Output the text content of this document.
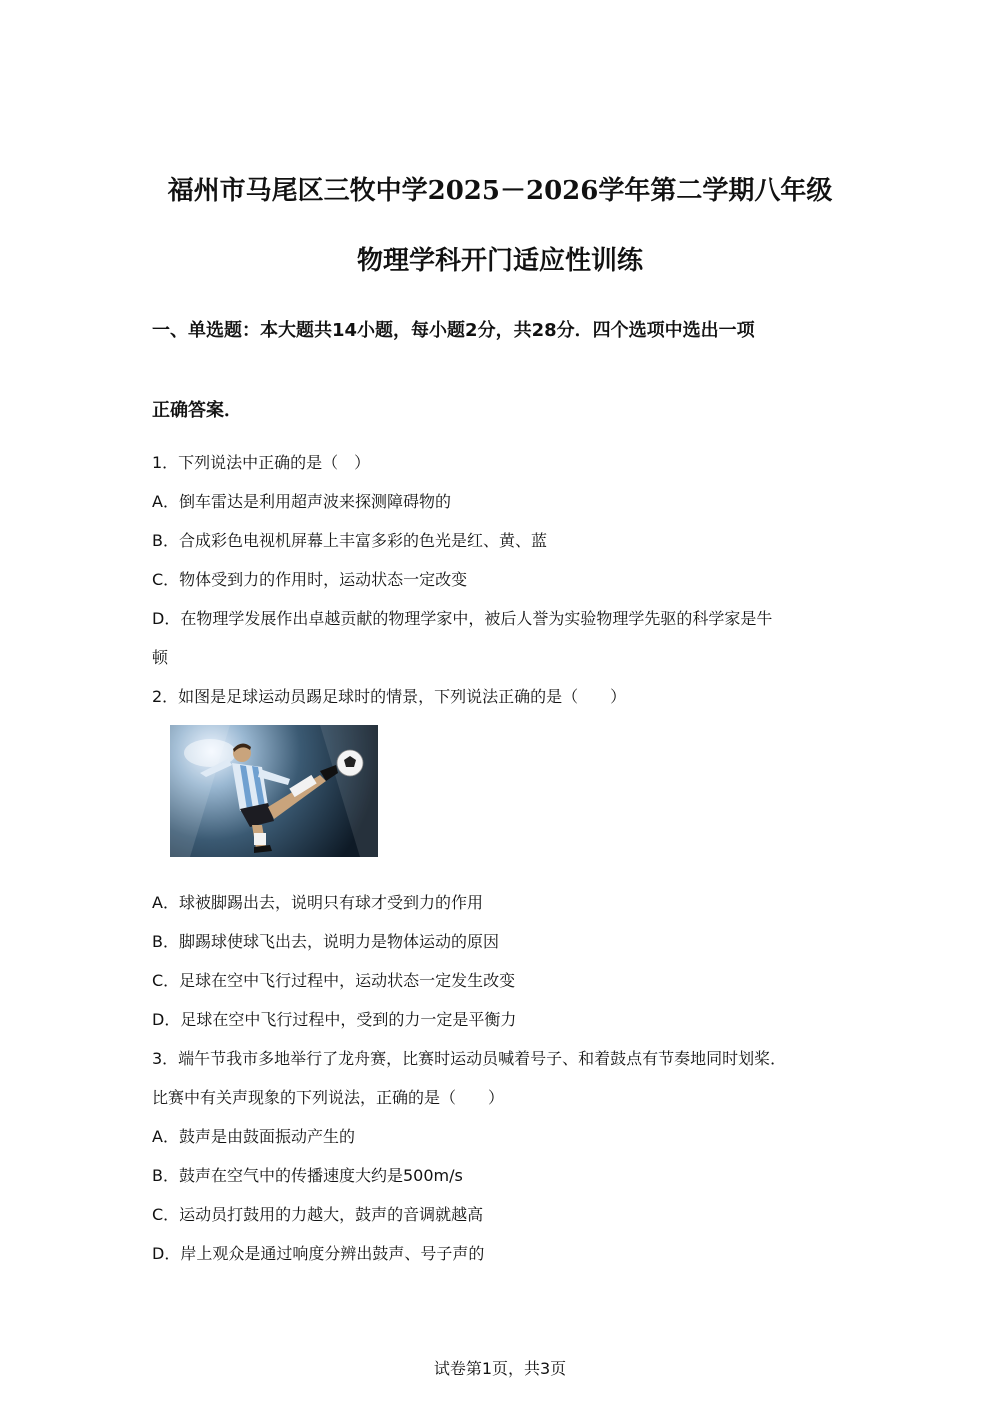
福州市马尾区三牧中学2025－2026学年第二学期八年级
物理学科开门适应性训练
一、单选题：本大题共14小题，每小题2分，共28分．四个选项中选出一项
正确答案．
1．下列说法中正确的是（　）
A．倒车雷达是利用超声波来探测障碍物的
B．合成彩色电视机屏幕上丰富多彩的色光是红、黄、蓝
C．物体受到力的作用时，运动状态一定改变
D．在物理学发展作出卓越贡献的物理学家中，被后人誉为实验物理学先驱的科学家是牛
顿
2．如图是足球运动员踢足球时的情景，下列说法正确的是（　　）
A．球被脚踢出去，说明只有球才受到力的作用
B．脚踢球使球飞出去，说明力是物体运动的原因
C．足球在空中飞行过程中，运动状态一定发生改变
D．足球在空中飞行过程中，受到的力一定是平衡力
3．端午节我市多地举行了龙舟赛，比赛时运动员喊着号子、和着鼓点有节奏地同时划桨．
比赛中有关声现象的下列说法，正确的是（　　）
A．鼓声是由鼓面振动产生的
B．鼓声在空气中的传播速度大约是500m/s
C．运动员打鼓用的力越大，鼓声的音调就越高
D．岸上观众是通过响度分辨出鼓声、号子声的
试卷第1页，共3页
